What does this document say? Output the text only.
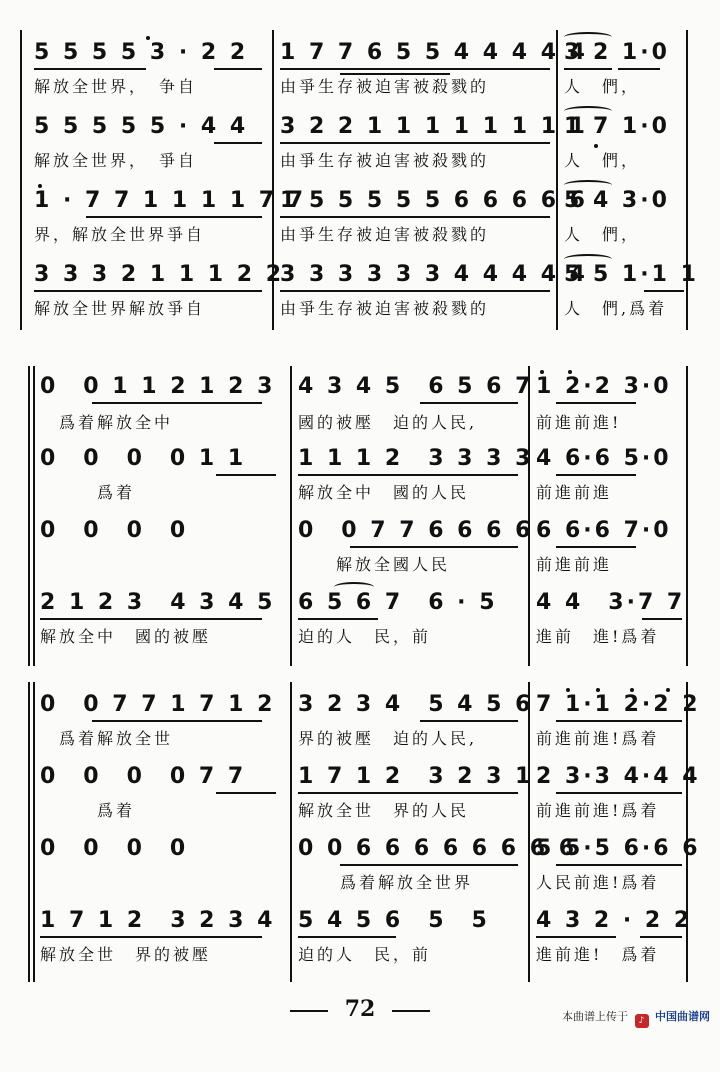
5 5 5 5 3 · 2 2

1 7 7 6 5 5 4 4 4 4 4

3 2 1·0

解放全世界，　争自

	由爭生存被迫害被殺戮的

	人　們，

5 5 5 5 5 · 4 4

3 2 2 1 1 1 1 1 1 1 1

1 7 1·0

解放全世界，　爭自

	由爭生存被迫害被殺戮的

	人　們，

1 · 7 7 1 1 1 1 7 7

1 5 5 5 5 5 6 6 6 6 6

5 4 3·0

界，解放全世界爭自

	由爭生存被迫害被殺戮的

	人　們，

3 3 3 2 1 1 1 2 2

3 3 3 3 3 3 4 4 4 4 4

5 5 1·1 1

解放全世界解放爭自

	由爭生存被迫害被殺戮的

	人　們,爲着

0　0 1 1 2 1 2 3

4 3 4 5　6 5 6 7

1 2·2 3·0

　爲着解放全中

	國的被壓　迫的人民,

	前進前進!

0　0　0　0 1 1

1 1 1 2　3 3 3 3

4 6·6 5·0

　　　爲着

	解放全中　國的人民

	前進前進

0　0　0　0

	0　0 7 7 6 6 6 6

6 6·6 7·0

　　解放全國人民

	前進前進

2 1 2 3　4 3 4 5

6 5 6 7　6 · 5

4 4　3·7 7

解放全中　國的被壓

	迫的人　民，前

	進前　進!爲着

0　0 7 7 1 7 1 2

3 2 3 4　5 4 5 6

7 1·1 2·2 2

　爲着解放全世

	界的被壓　迫的人民,

	前進前進!爲着

0　0　0　0 7 7

1 7 1 2　3 2 3 1

2 3·3 4·4 4

　　　爲着

	解放全世　界的人民

	前進前進!爲着

0　0　0　0

	0 0 6 6 6 6 6 6 6 6

5 5·5 6·6 6

爲着解放全世界

	人民前進!爲着

1 7 1 2　3 2 3 4

5 4 5 6　5　5

4 3 2 · 2 2

解放全世　界的被壓

	迫的人　民，前

	進前進!　爲着

72	本曲谱上传于 ♪ 中国曲谱网
